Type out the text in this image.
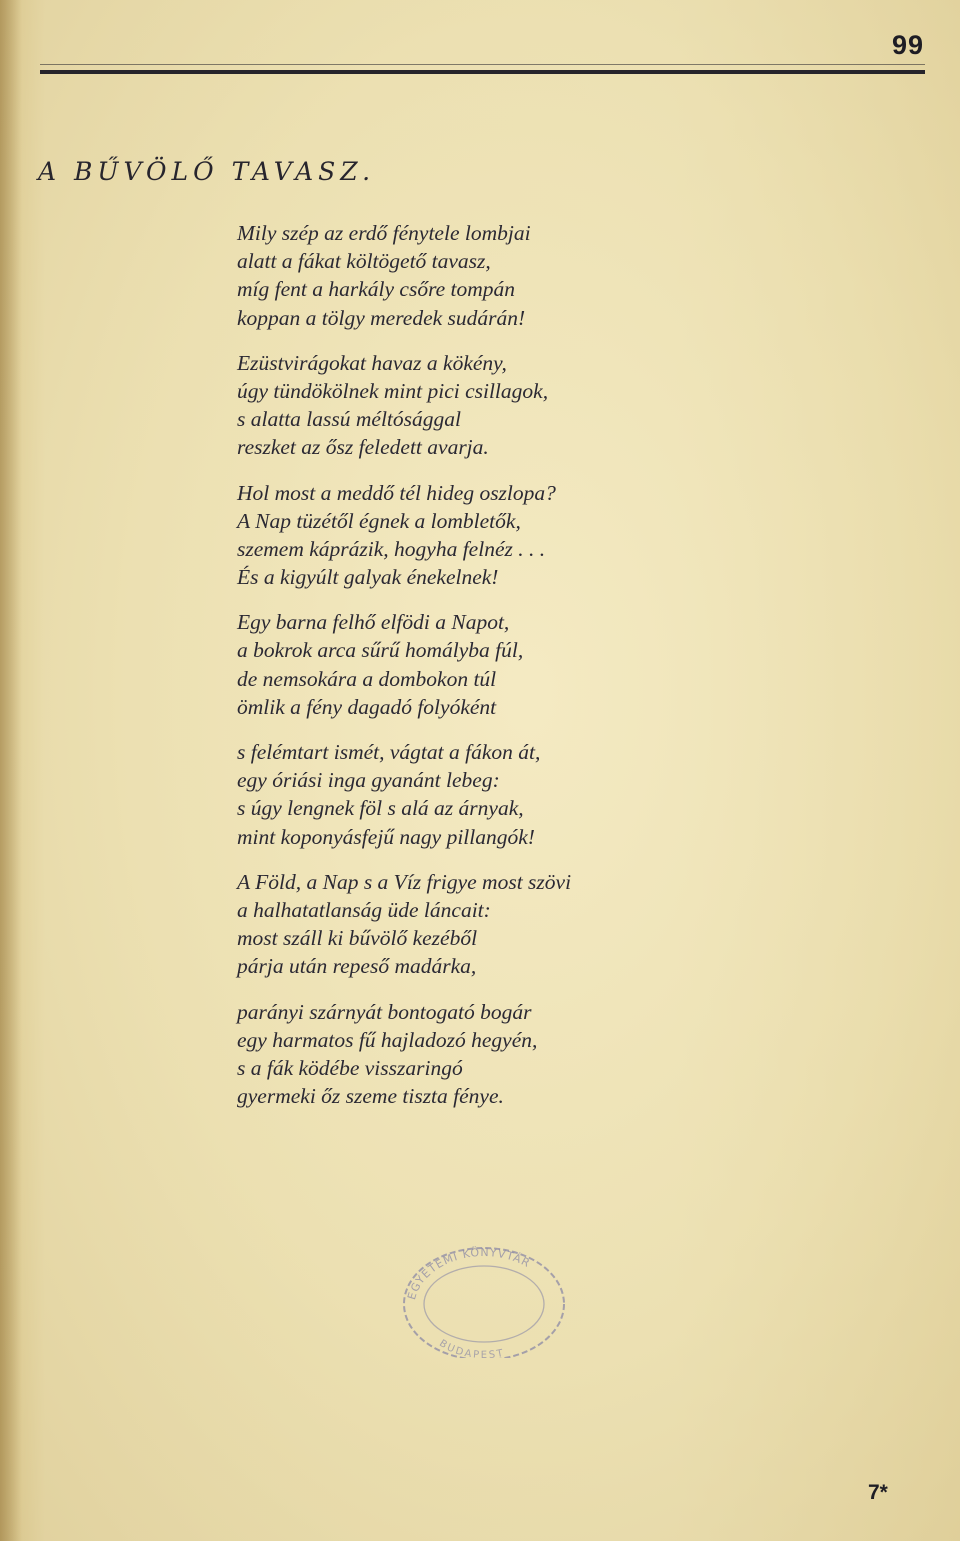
99
A BŰVÖLŐ TAVASZ.
Mily szép az erdő fénytele lombjai
alatt a fákat költögető tavasz,
míg fent a harkály csőre tompán
koppan a tölgy meredek sudárán!
Ezüstvirágokat havaz a kökény,
úgy tündökölnek mint pici csillagok,
s alatta lassú méltósággal
reszket az ősz feledett avarja.
Hol most a meddő tél hideg oszlopa?
A Nap tüzétől égnek a lombletők,
szemem káprázik, hogyha felnéz . . .
És a kigyúlt galyak énekelnek!
Egy barna felhő elfödi a Napot,
a bokrok arca sűrű homályba fúl,
de nemsokára a dombokon túl
ömlik a fény dagadó folyóként
s felémtart ismét, vágtat a fákon át,
egy óriási inga gyanánt lebeg:
s úgy lengnek föl s alá az árnyak,
mint koponyásfejű nagy pillangók!
A Föld, a Nap s a Víz frigye most szövi
a halhatatlanság üde láncait:
most száll ki bűvölő kezéből
párja után repeső madárka,
parányi szárnyát bontogató bogár
egy harmatos fű hajladozó hegyén,
s a fák ködébe visszaringó
gyermeki őz szeme tiszta fénye.
EGYETEMI KÖNYVTÁR
BUDAPEST
7*
